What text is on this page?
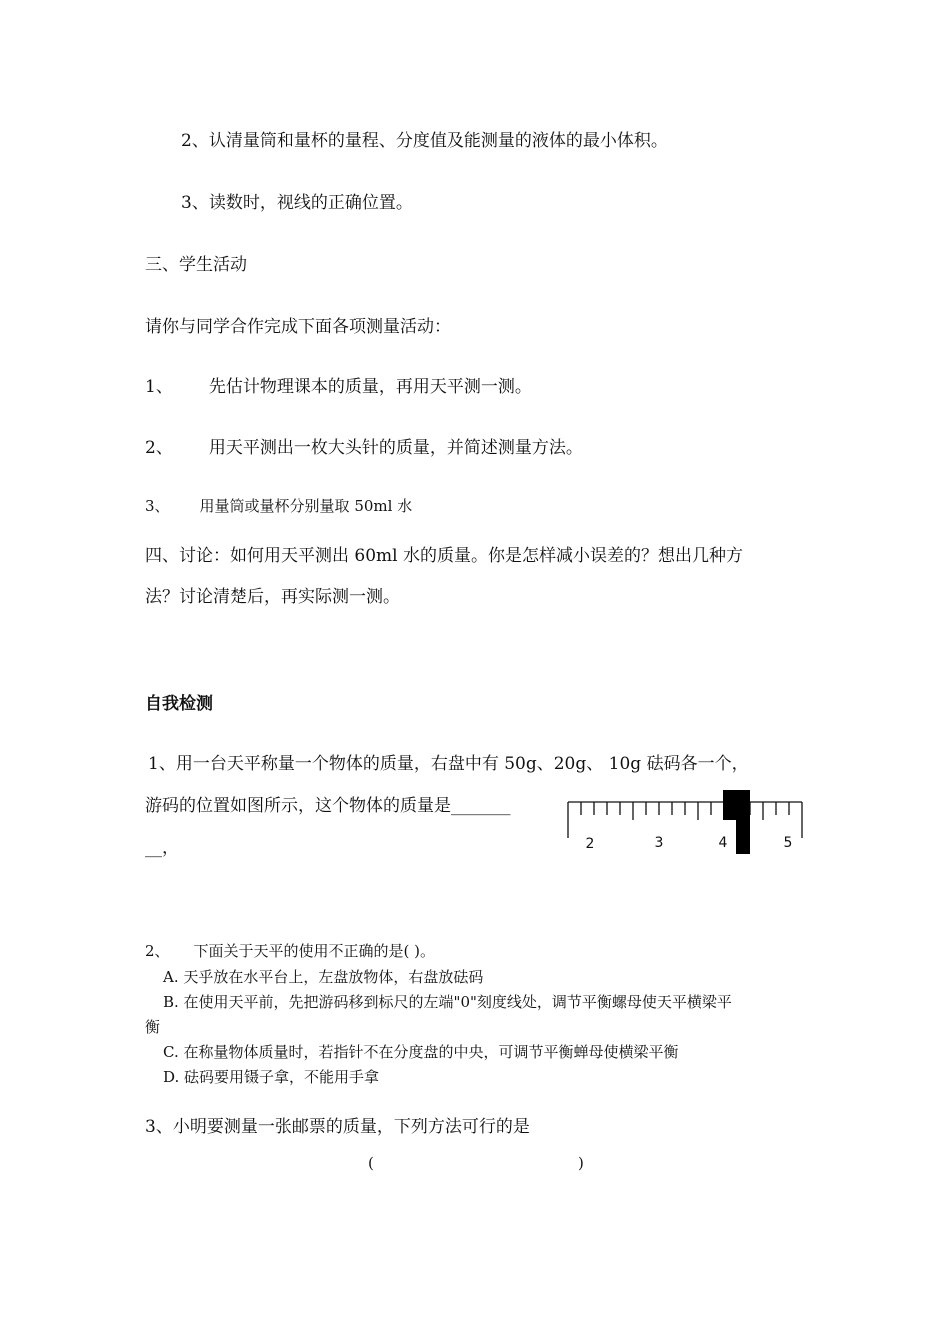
2、认清量筒和量杯的量程、分度值及能测量的液体的最小体积。
3、读数时，视线的正确位置。
三、学生活动
请你与同学合作完成下面各项测量活动：
1、 先估计物理课本的质量，再用天平测一测。
2、 用天平测出一枚大头针的质量，并简述测量方法。
3、 用量筒或量杯分别量取 50ml 水
四、讨论：如何用天平测出 60ml 水的质量。你是怎样减小误差的？想出几种方
法？讨论清楚后，再实际测一测。
自我检测
1、用一台天平称量一个物体的质量，右盘中有 50g、20g、 10g 砝码各一个，
游码的位置如图所示，这个物体的质量是_______
__，	2	3	4	5
2、 下面关于天平的使用不正确的是( )。
A. 天乎放在水平台上，左盘放物体，右盘放砝码
B. 在使用天平前，先把游码移到标尺的左端"0"刻度线处，调节平衡螺母使天平横梁平
衡
C. 在称量物体质量时，若指针不在分度盘的中央，可调节平衡蝉母使横梁平衡
D. 砝码要用镊子拿，不能用手拿
3、小明要测量一张邮票的质量，下列方法可行的是
(	)
